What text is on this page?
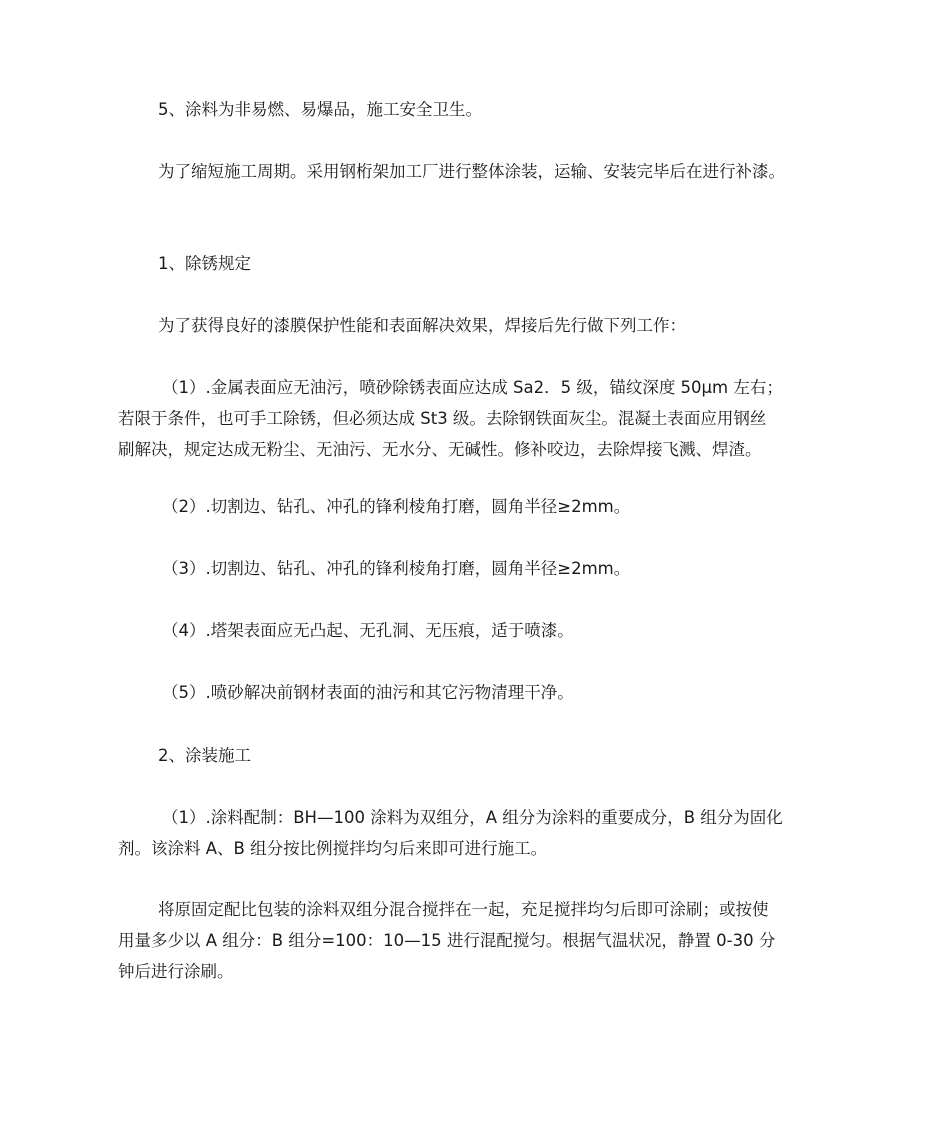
5、涂料为非易燃、易爆品，施工安全卫生。

为了缩短施工周期。采用钢桁架加工厂进行整体涂装，运输、安装完毕后在进行补漆。

1、除锈规定

为了获得良好的漆膜保护性能和表面解决效果，焊接后先行做下列工作：

（1）.金属表面应无油污，喷砂除锈表面应达成 Sa2．5 级，锚纹深度 50μm 左右；
若限于条件，也可手工除锈，但必须达成 St3 级。去除钢铁面灰尘。混凝土表面应用钢丝
刷解决，规定达成无粉尘、无油污、无水分、无碱性。修补咬边，去除焊接飞溅、焊渣。

（2）.切割边、钻孔、冲孔的锋利棱角打磨，圆角半径≥2mm。

（3）.切割边、钻孔、冲孔的锋利棱角打磨，圆角半径≥2mm。

（4）.塔架表面应无凸起、无孔洞、无压痕，适于喷漆。

（5）.喷砂解决前钢材表面的油污和其它污物清理干净。

2、涂装施工

（1）.涂料配制：BH—100 涂料为双组分，A 组分为涂料的重要成分，B 组分为固化
剂。该涂料 A、B 组分按比例搅拌均匀后来即可进行施工。

将原固定配比包装的涂料双组分混合搅拌在一起，充足搅拌均匀后即可涂刷；或按使
用量多少以 A 组分：B 组分=100：10—15 进行混配搅匀。根据气温状况，静置 0-30 分
钟后进行涂刷。
